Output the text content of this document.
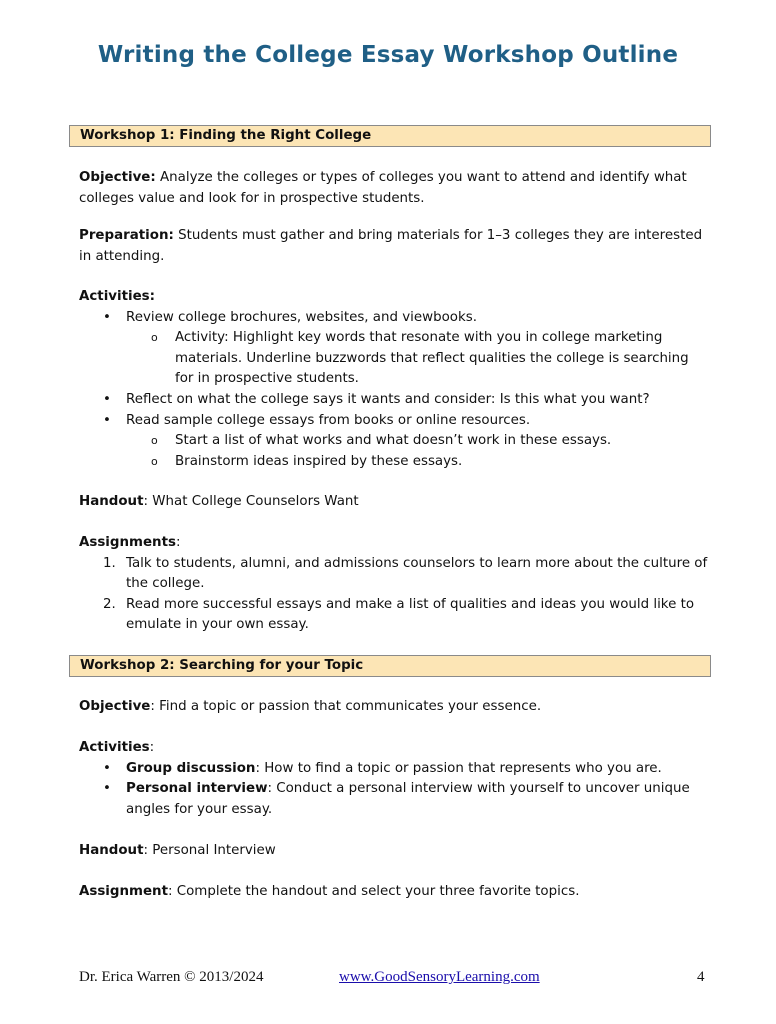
Writing the College Essay Workshop Outline
Workshop 1: Finding the Right College
Objective: Analyze the colleges or types of colleges you want to attend and identify what colleges value and look for in prospective students.
Preparation: Students must gather and bring materials for 1–3 colleges they are interested in attending.
Activities:
• Review college brochures, websites, and viewbooks.
o Activity: Highlight key words that resonate with you in college marketing materials. Underline buzzwords that reflect qualities the college is searching for in prospective students.
• Reflect on what the college says it wants and consider: Is this what you want?
• Read sample college essays from books or online resources.
o Start a list of what works and what doesn’t work in these essays.
o Brainstorm ideas inspired by these essays.
Handout: What College Counselors Want
Assignments:
1. Talk to students, alumni, and admissions counselors to learn more about the culture of the college.
2. Read more successful essays and make a list of qualities and ideas you would like to emulate in your own essay.
Workshop 2: Searching for your Topic
Objective: Find a topic or passion that communicates your essence.
Activities:
• Group discussion: How to find a topic or passion that represents who you are.
• Personal interview: Conduct a personal interview with yourself to uncover unique angles for your essay.
Handout: Personal Interview
Assignment: Complete the handout and select your three favorite topics.
Dr. Erica Warren © 2013/2024	www.GoodSensoryLearning.com	4
